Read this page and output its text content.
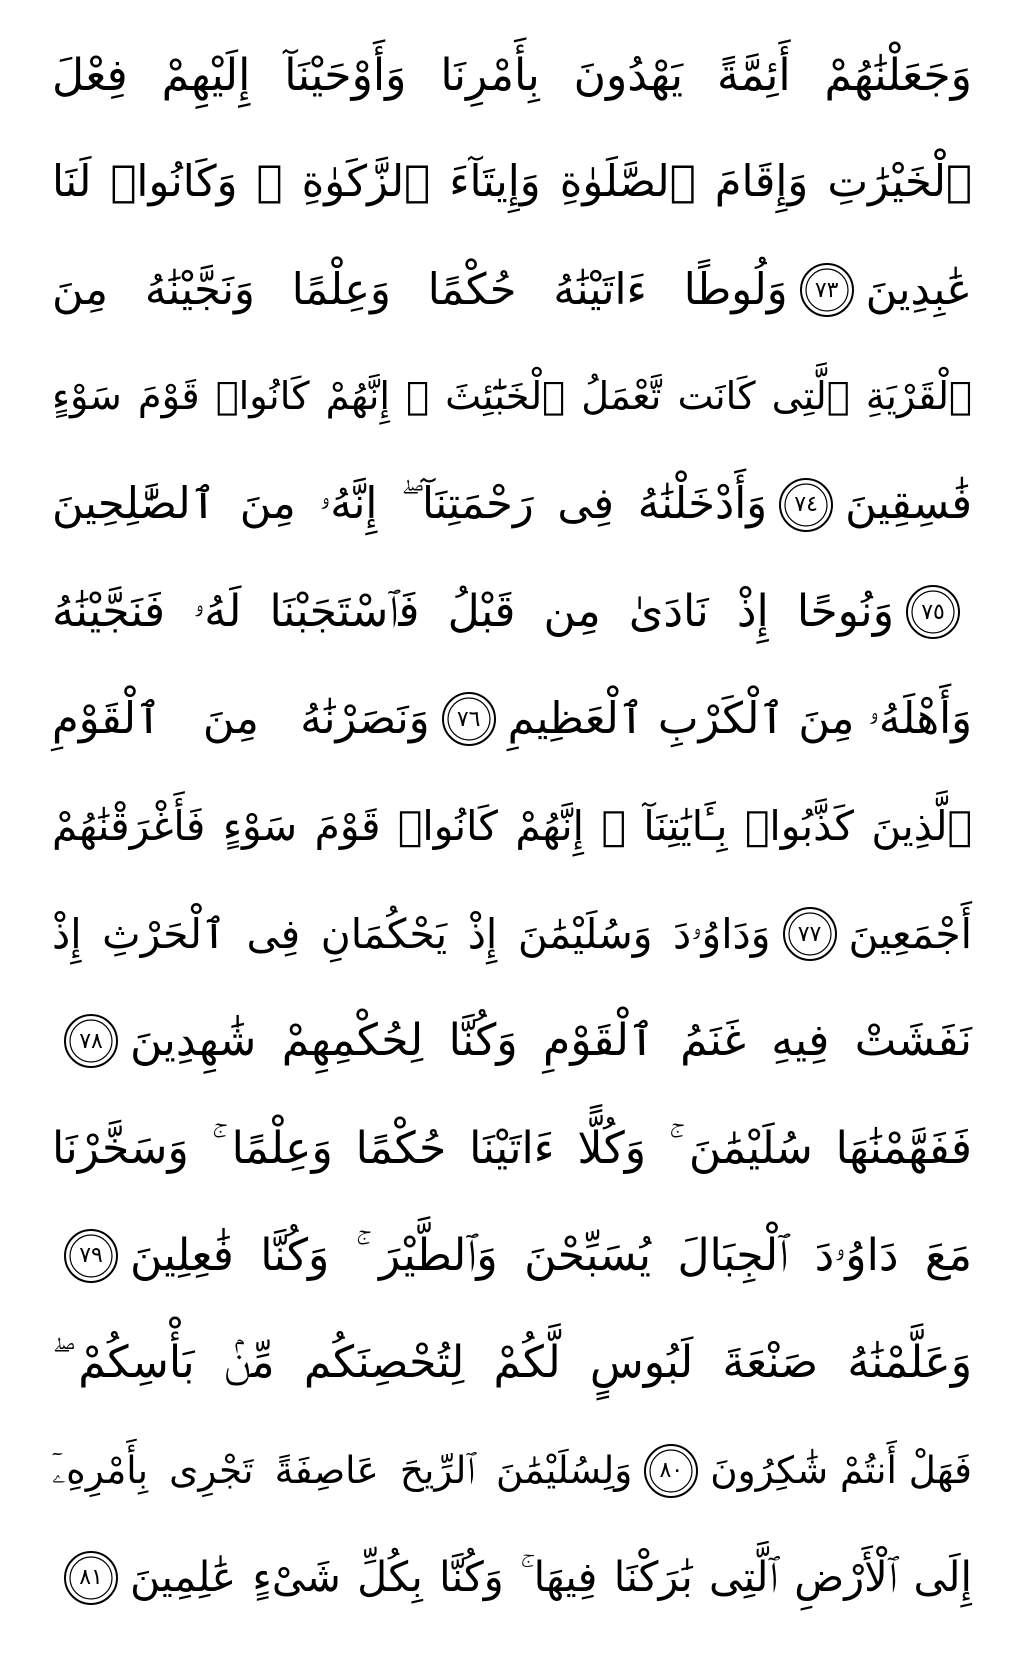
وَجَعَلْنَٰهُمْ أَئِمَّةً يَهْدُونَ بِأَمْرِنَا وَأَوْحَيْنَآ إِلَيْهِمْ فِعْلَ
ٱلْخَيْرَٰتِ وَإِقَامَ ٱلصَّلَوٰةِ وَإِيتَآءَ ٱلزَّكَوٰةِ ۖ وَكَانُوا۟ لَنَا
عَٰبِدِينَ
٧٣
وَلُوطًا ءَاتَيْنَٰهُ حُكْمًا وَعِلْمًا وَنَجَّيْنَٰهُ مِنَ
ٱلْقَرْيَةِ ٱلَّتِى كَانَت تَّعْمَلُ ٱلْخَبَٰٓئِثَ ۗ إِنَّهُمْ كَانُوا۟ قَوْمَ سَوْءٍ
فَٰسِقِينَ
٧٤
وَأَدْخَلْنَٰهُ فِى رَحْمَتِنَآ ۖ إِنَّهُۥ مِنَ ٱلصَّٰلِحِينَ
٧٥
وَنُوحًا إِذْ نَادَىٰ مِن قَبْلُ فَٱسْتَجَبْنَا لَهُۥ فَنَجَّيْنَٰهُ
وَأَهْلَهُۥ مِنَ ٱلْكَرْبِ ٱلْعَظِيمِ
٧٦
وَنَصَرْنَٰهُ مِنَ ٱلْقَوْمِ
ٱلَّذِينَ كَذَّبُوا۟ بِـَٔايَٰتِنَآ ۚ إِنَّهُمْ كَانُوا۟ قَوْمَ سَوْءٍ فَأَغْرَقْنَٰهُمْ
أَجْمَعِينَ
٧٧
وَدَاوُۥدَ وَسُلَيْمَٰنَ إِذْ يَحْكُمَانِ فِى ٱلْحَرْثِ إِذْ
نَفَشَتْ فِيهِ غَنَمُ ٱلْقَوْمِ وَكُنَّا لِحُكْمِهِمْ شَٰهِدِينَ
٧٨
فَفَهَّمْنَٰهَا سُلَيْمَٰنَ ۚ وَكُلًّا ءَاتَيْنَا حُكْمًا وَعِلْمًا ۚ وَسَخَّرْنَا
مَعَ دَاوُۥدَ ٱلْجِبَالَ يُسَبِّحْنَ وَٱلطَّيْرَ ۚ وَكُنَّا فَٰعِلِينَ
٧٩
وَعَلَّمْنَٰهُ صَنْعَةَ لَبُوسٍ لَّكُمْ لِتُحْصِنَكُم مِّنۢ بَأْسِكُمْ ۖ
فَهَلْ أَنتُمْ شَٰكِرُونَ
٨٠
وَلِسُلَيْمَٰنَ ٱلرِّيحَ عَاصِفَةً تَجْرِى بِأَمْرِهِۦٓ
إِلَى ٱلْأَرْضِ ٱلَّتِى بَٰرَكْنَا فِيهَا ۚ وَكُنَّا بِكُلِّ شَىْءٍ عَٰلِمِينَ
٨١
